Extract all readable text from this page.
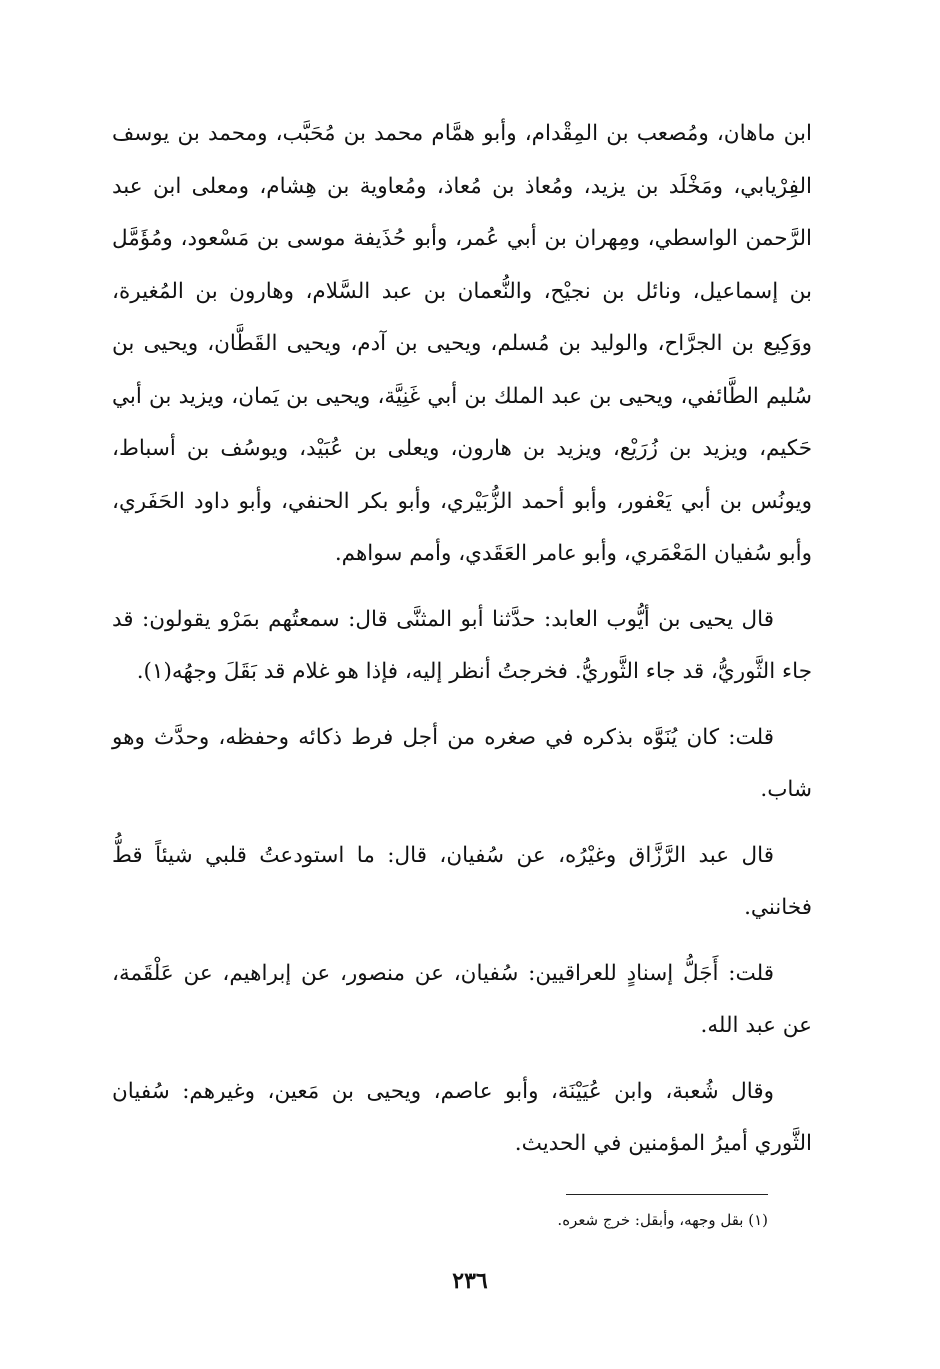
ابن ماهان، ومُصعب بن المِقْدام، وأبو همَّام محمد بن مُحَبَّب، ومحمد بن يوسف الفِرْيابي، ومَخْلَد بن يزيد، ومُعاذ بن مُعاذ، ومُعاوية بن هِشام، ومعلى ابن عبد الرَّحمن الواسطي، ومِهران بن أبي عُمر، وأبو حُذَيفة موسى بن مَسْعود، ومُؤَمَّل بن إسماعيل، ونائل بن نجيْح، والنُّعمان بن عبد السَّلام، وهارون بن المُغيرة، ووَكِيع بن الجرَّاح، والوليد بن مُسلم، ويحيى بن آدم، ويحيى القَطَّان، ويحيى بن سُليم الطَّائفي، ويحيى بن عبد الملك بن أبي غَنِيَّة، ويحيى بن يَمان، ويزيد بن أبي حَكيم، ويزيد بن زُرَيْع، ويزيد بن هارون، ويعلى بن عُبَيْد، ويوسُف بن أسباط، ويونُس بن أبي يَعْفور، وأبو أحمد الزُّبَيْري، وأبو بكر الحنفي، وأبو داود الحَفَري، وأبو سُفيان المَعْمَري، وأبو عامر العَقَدي، وأمم سواهم.

قال يحيى بن أيُّوب العابد: حدَّثنا أبو المثنَّى قال: سمعتُهم بمَرْو يقولون: قد جاء الثَّوريُّ، قد جاء الثَّوريُّ. فخرجتُ أنظر إليه، فإذا هو غلام قد بَقَلَ وجهُه(١).

قلت: كان يُنَوَّه بذكره في صغره من أجل فرط ذكائه وحفظه، وحدَّث وهو شاب.

قال عبد الرَّزَّاق وغيْرُه، عن سُفيان، قال: ما استودعتُ قلبي شيئاً قطُّ فخانني.

قلت: أَجَلُّ إسنادٍ للعراقيين: سُفيان، عن منصور، عن إبراهيم، عن عَلْقَمة، عن عبد الله.

وقال شُعبة، وابن عُيَيْنَة، وأبو عاصم، ويحيى بن مَعين، وغيرهم: سُفيان الثَّوري أميرُ المؤمنين في الحديث.

(١) بقل وجهه، وأبقل: خرج شعره.
٢٣٦
